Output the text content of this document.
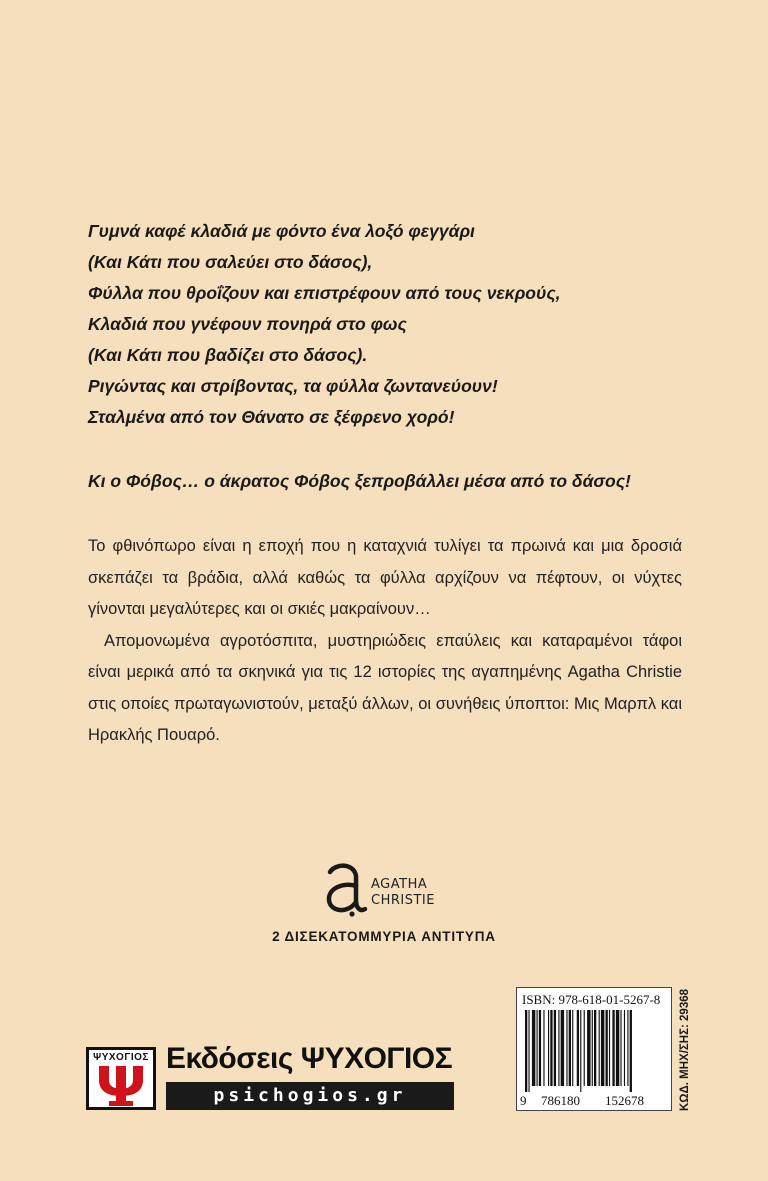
Γυμνά καφέ κλαδιά με φόντο ένα λοξό φεγγάρι
(Και Κάτι που σαλεύει στο δάσος),
Φύλλα που θροΐζουν και επιστρέφουν από τους νεκρούς,
Κλαδιά που γνέφουν πονηρά στο φως
(Και Κάτι που βαδίζει στο δάσος).
Ριγώντας και στρίβοντας, τα φύλλα ζωντανεύουν!
Σταλμένα από τον Θάνατο σε ξέφρενο χορό!
Κι ο Φόβος… ο άκρατος Φόβος ξεπροβάλλει μέσα από το δάσος!

Το φθινόπωρο είναι η εποχή που η καταχνιά τυλίγει τα πρωινά και μια δροσιά σκεπάζει τα βράδια, αλλά καθώς τα φύλλα αρχίζουν να πέφτουν, οι νύχτες γίνονται μεγαλύτερες και οι σκιές μακραίνουν…

Απομονωμένα αγροτόσπιτα, μυστηριώδεις επαύλεις και καταραμένοι τάφοι είναι μερικά από τα σκηνικά για τις 12 ιστορίες της αγαπημένης Agatha Christie στις οποίες πρωταγωνιστούν, μεταξύ άλλων, οι συνήθεις ύποπτοι: Μις Μαρπλ και Ηρακλής Πουαρό.

AGATHA
CHRISTIE
2 ΔΙΣΕΚΑΤΟΜΜΥΡΙΑ ΑΝΤΙΤΥΠΑ
ΨΥΧΟΓΙΟΣ Εκδόσεις ΨΥΧΟΓΙΟΣ
psichogios.gr
ISBN: 978-618-01-5267-8
9 786180 152678	ΚΩΔ. ΜΗΧ/ΣΗΣ: 29368
